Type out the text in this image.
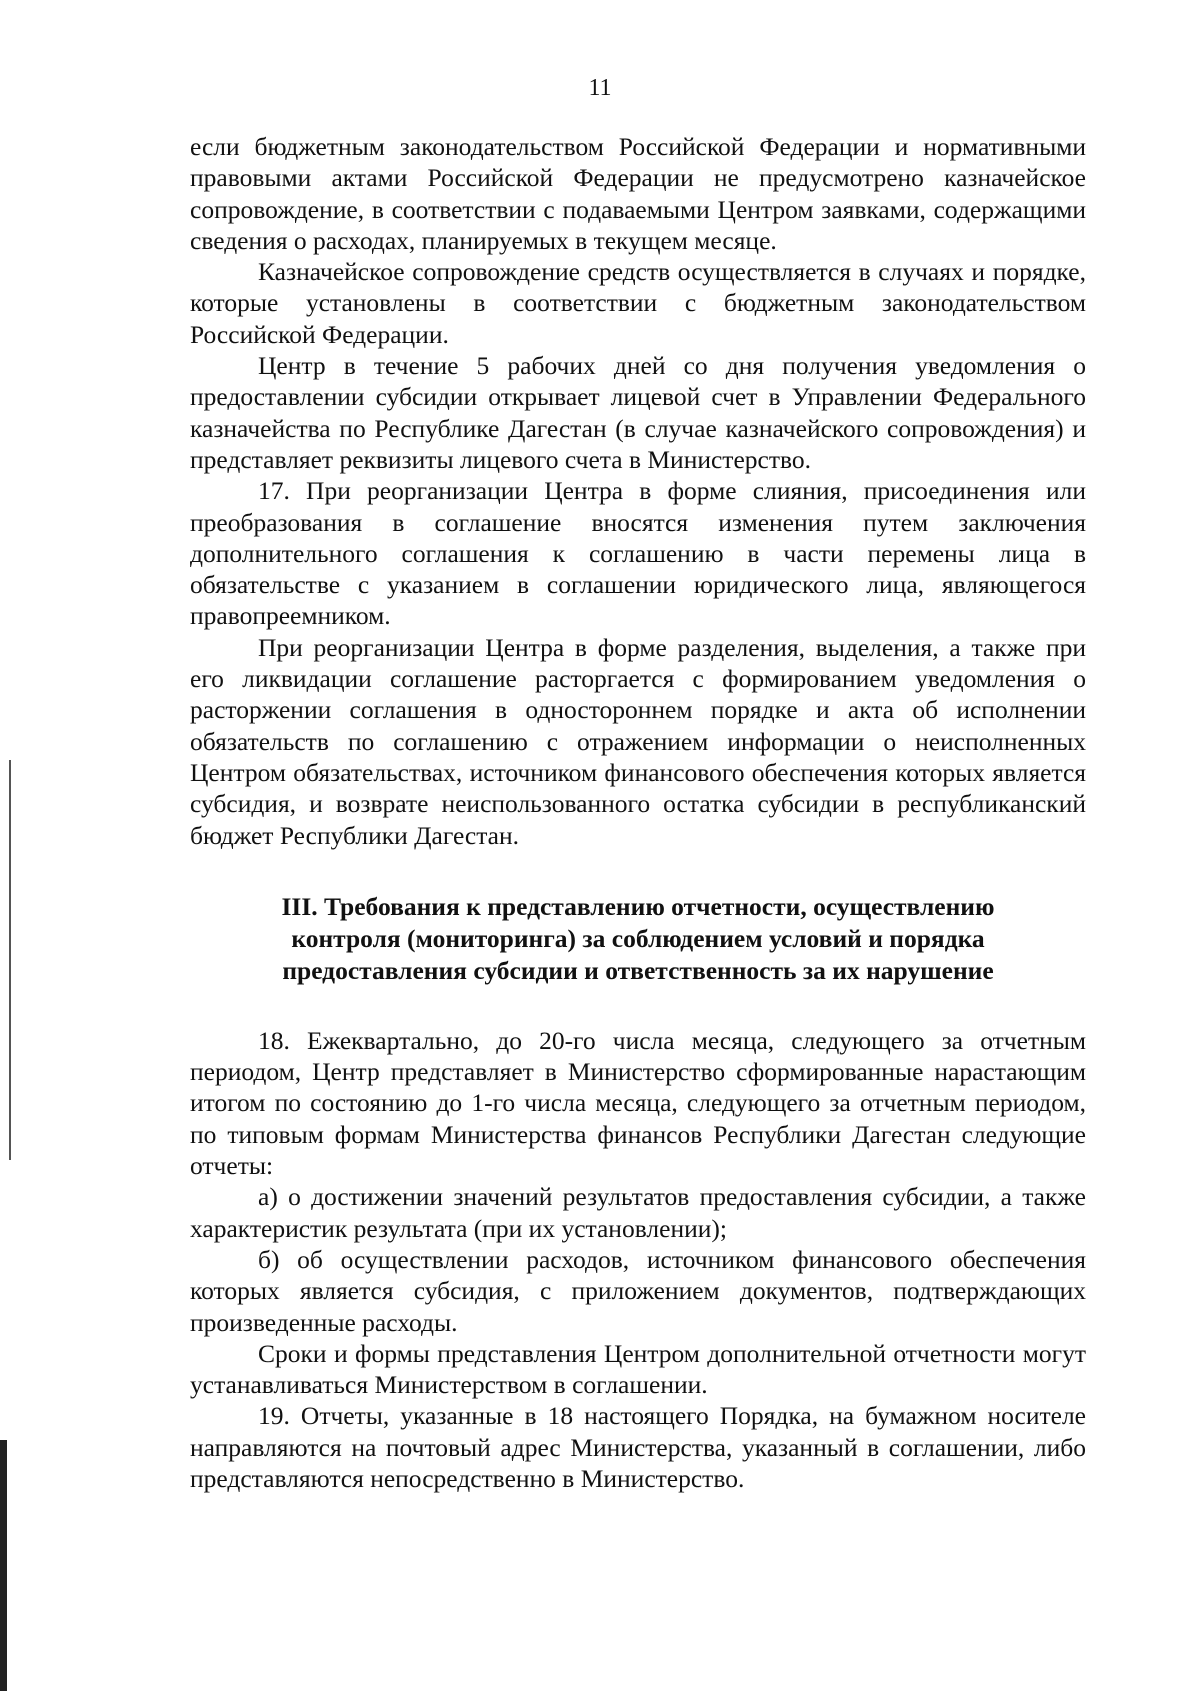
11

если бюджетным законодательством Российской Федерации и нормативными правовыми актами Российской Федерации не предусмотрено казначейское сопровождение, в соответствии с подаваемыми Центром заявками, содержащими сведения о расходах, планируемых в текущем месяце.

Казначейское сопровождение средств осуществляется в случаях и порядке, которые установлены в соответствии с бюджетным законодательством Российской Федерации.

Центр в течение 5 рабочих дней со дня получения уведомления о предоставлении субсидии открывает лицевой счет в Управлении Федерального казначейства по Республике Дагестан (в случае казначейского сопровождения) и представляет реквизиты лицевого счета в Министерство.

17. При реорганизации Центра в форме слияния, присоединения или преобразования в соглашение вносятся изменения путем заключения дополнительного соглашения к соглашению в части перемены лица в обязательстве с указанием в соглашении юридического лица, являющегося правопреемником.

При реорганизации Центра в форме разделения, выделения, а также при его ликвидации соглашение расторгается с формированием уведомления о расторжении соглашения в одностороннем порядке и акта об исполнении обязательств по соглашению с отражением информации о неисполненных Центром обязательствах, источником финансового обеспечения которых является субсидия, и возврате неиспользованного остатка субсидии в республиканский бюджет Республики Дагестан.

III. Требования к представлению отчетности, осуществлению
контроля (мониторинга) за соблюдением условий и порядка
предоставления субсидии и ответственность за их нарушение

18. Ежеквартально, до 20-го числа месяца, следующего за отчетным периодом, Центр представляет в Министерство сформированные нарастающим итогом по состоянию до 1-го числа месяца, следующего за отчетным периодом, по типовым формам Министерства финансов Республики Дагестан следующие отчеты:

а) о достижении значений результатов предоставления субсидии, а также характеристик результата (при их установлении);

б) об осуществлении расходов, источником финансового обеспечения которых является субсидия, с приложением документов, подтверждающих произведенные расходы.

Сроки и формы представления Центром дополнительной отчетности могут устанавливаться Министерством в соглашении.

19. Отчеты, указанные в 18 настоящего Порядка, на бумажном носителе направляются на почтовый адрес Министерства, указанный в соглашении, либо представляются непосредственно в Министерство.
